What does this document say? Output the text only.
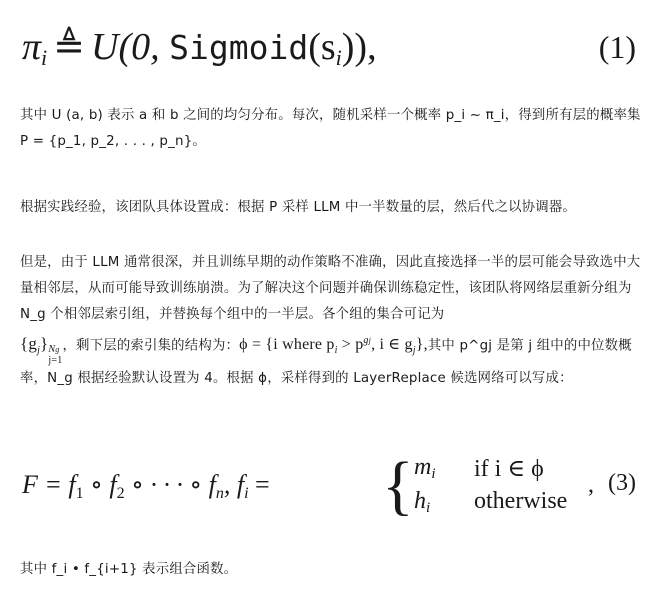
$\pi_i$ ≜ U(0, $Sigmoid(s_i)$),	(1)
其中 U (a, b) 表示 a 和 b 之间的均匀分布。每次，随机采样一个概率 p_i ~ π_i，得到所有层的概率集 P = {p_1, p_2, . . . , p_n}。
根据实践经验，该团队具体设置成：根据 P 采样 LLM 中一半数量的层，然后代之以协调器。
但是，由于 LLM 通常很深，并且训练早期的动作策略不准确，因此直接选择一半的层可能会导致选中大量相邻层，从而可能导致训练崩溃。为了解决这个问题并确保训练稳定性，该团队将网络层重新分组为 N_g 个相邻层索引组，并替换每个组中的一半层。各个组的集合可记为
$\{g_j\}$ Ng
j=1
，剩下层的索引集的结构为：ϕ = {i where $p_i > p^{gj}$, i ∈ $g_j$},其中 p^gj 是第 j 组中的中位数概率，N_g 根据经验默认设置为 4。根据 ϕ，采样得到的 LayerReplace 候选网络可以写成：
$F = f_1$ ∘ $f_2$ ∘ · · · ∘ $f_n$, $f_i$ = { $m_i$ if i ∈ ϕ
$h_i$ otherwise
, (3)
其中 f_i • f_{i+1} 表示组合函数。
